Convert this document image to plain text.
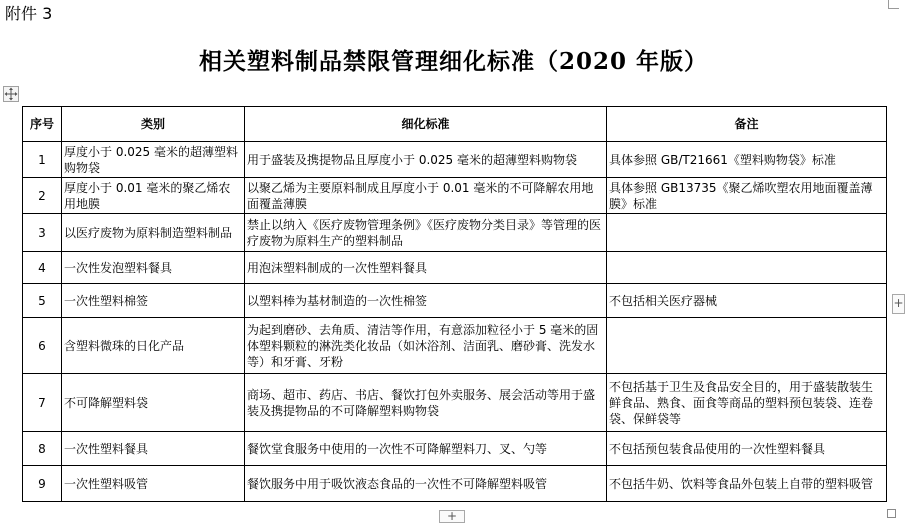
附件 3
相关塑料制品禁限管理细化标准（2020 年版）
序号	类别	细化标准	备注
1	厚度小于 0.025 毫米的超薄塑料购物袋	用于盛装及携提物品且厚度小于 0.025 毫米的超薄塑料购物袋	具体参照 GB/T21661《塑料购物袋》标准
2	厚度小于 0.01 毫米的聚乙烯农用地膜	以聚乙烯为主要原料制成且厚度小于 0.01 毫米的不可降解农用地面覆盖薄膜	具体参照 GB13735《聚乙烯吹塑农用地面覆盖薄膜》标准
3	以医疗废物为原料制造塑料制品	禁止以纳入《医疗废物管理条例》《医疗废物分类目录》等管理的医疗废物为原料生产的塑料制品	
4	一次性发泡塑料餐具	用泡沫塑料制成的一次性塑料餐具	
5	一次性塑料棉签	以塑料棒为基材制造的一次性棉签	不包括相关医疗器械
6	含塑料微珠的日化产品	为起到磨砂、去角质、清洁等作用，有意添加粒径小于 5 毫米的固体塑料颗粒的淋洗类化妆品（如沐浴剂、洁面乳、磨砂膏、洗发水等）和牙膏、牙粉	
7	不可降解塑料袋	商场、超市、药店、书店、餐饮打包外卖服务、展会活动等用于盛装及携提物品的不可降解塑料购物袋	不包括基于卫生及食品安全目的，用于盛装散装生鲜食品、熟食、面食等商品的塑料预包装袋、连卷袋、保鲜袋等
8	一次性塑料餐具	餐饮堂食服务中使用的一次性不可降解塑料刀、叉、勺等	不包括预包装食品使用的一次性塑料餐具
9	一次性塑料吸管	餐饮服务中用于吸饮液态食品的一次性不可降解塑料吸管	不包括牛奶、饮料等食品外包装上自带的塑料吸管
+
+
